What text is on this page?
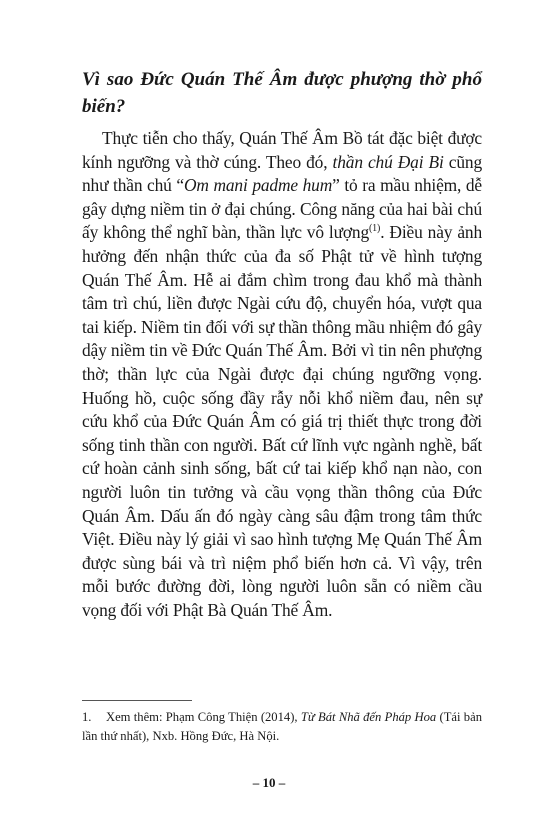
Vì sao Đức Quán Thế Âm được phượng thờ phổ biến?

Thực tiễn cho thấy, Quán Thế Âm Bồ tát đặc biệt được kính ngưỡng và thờ cúng. Theo đó, thần chú Đại Bi cũng như thần chú “Om mani padme hum” tỏ ra mầu nhiệm, dễ gây dựng niềm tin ở đại chúng. Công năng của hai bài chú ấy không thể nghĩ bàn, thần lực vô lượng$^{(1)}$. Điều này ảnh hưởng đến nhận thức của đa số Phật tử về hình tượng Quán Thế Âm. Hễ ai đắm chìm trong đau khổ mà thành tâm trì chú, liền được Ngài cứu độ, chuyển hóa, vượt qua tai kiếp. Niềm tin đối với sự thần thông mầu nhiệm đó gây dậy niềm tin về Đức Quán Thế Âm. Bởi vì tin nên phượng thờ; thần lực của Ngài được đại chúng ngưỡng vọng. Huống hồ, cuộc sống đầy rẫy nỗi khổ niềm đau, nên sự cứu khổ của Đức Quán Âm có giá trị thiết thực trong đời sống tinh thần con người. Bất cứ lĩnh vực ngành nghề, bất cứ hoàn cảnh sinh sống, bất cứ tai kiếp khổ nạn nào, con người luôn tin tưởng và cầu vọng thần thông của Đức Quán Âm. Dấu ấn đó ngày càng sâu đậm trong tâm thức Việt. Điều này lý giải vì sao hình tượng Mẹ Quán Thế Âm được sùng bái và trì niệm phổ biến hơn cả. Vì vậy, trên mỗi bước đường đời, lòng người luôn sẵn có niềm cầu vọng đối với Phật Bà Quán Thế Âm.

1. Xem thêm: Phạm Công Thiện (2014), Từ Bát Nhã đến Pháp Hoa (Tái bản lần thứ nhất), Nxb. Hồng Đức, Hà Nội.

– 10 –
